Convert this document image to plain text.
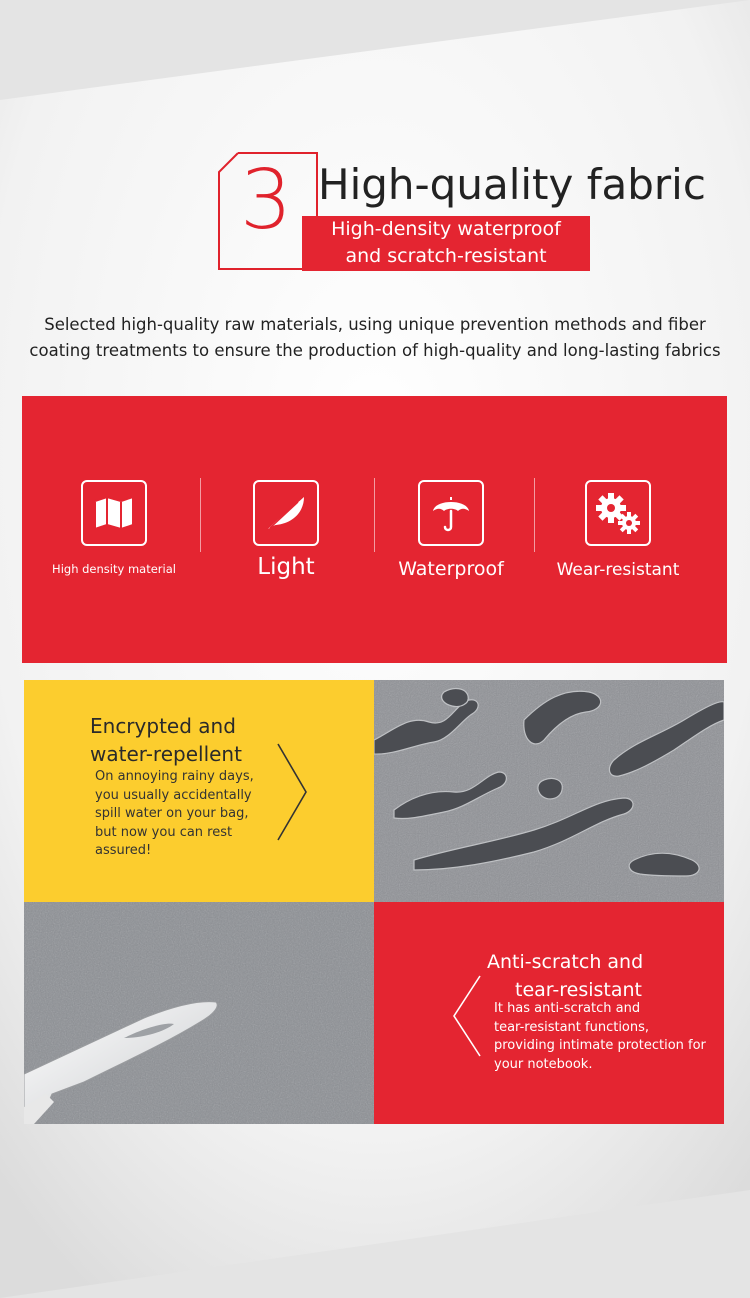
3 High-quality fabric
High-density waterproof
and scratch-resistant
Selected high-quality raw materials, using unique prevention methods and fiber
coating treatments to ensure the production of high-quality and long-lasting fabrics
High density material	Light	Waterproof	Wear-resistant
Encrypted and
water-repellent
On annoying rainy days,
you usually accidentally
spill water on your bag,
but now you can rest
assured!
Anti-scratch and
tear-resistant
It has anti-scratch and
tear-resistant functions,
providing intimate protection for
your notebook.
